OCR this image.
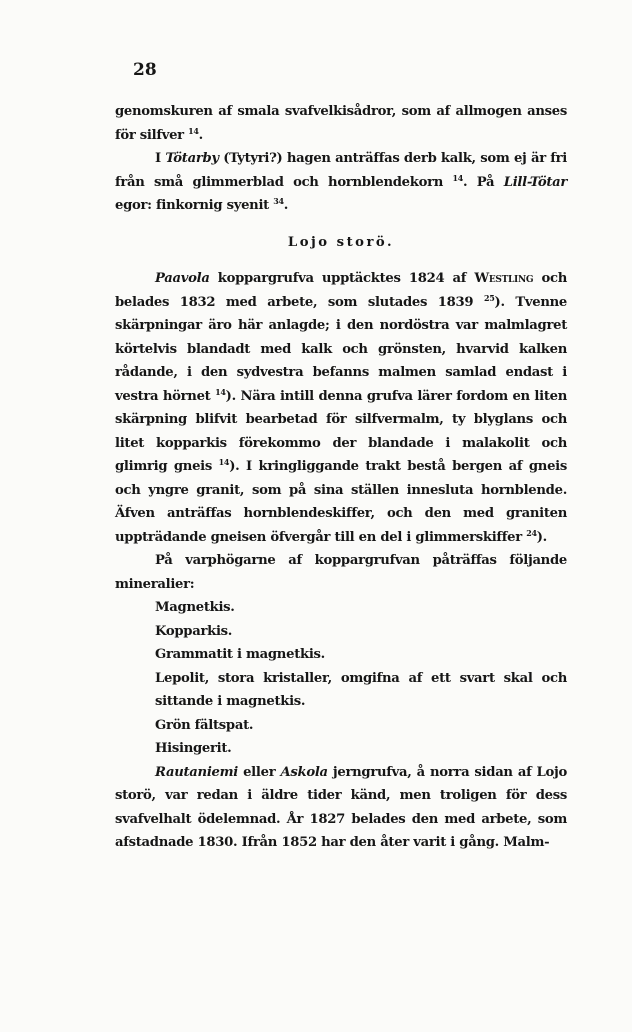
28

genomskuren af smala svafvelkisådror, som af allmogen anses för silfver $^{14}$.

I Tötarby (Tytyri?) hagen anträffas derb kalk, som ej är fri från små glimmerblad och hornblendekorn $^{14}$. På Lill-Tötar egor: finkornig syenit $^{34}$.

Lojo storö.

Paavola koppargrufva upptäcktes 1824 af Westling och belades 1832 med arbete, som slutades 1839 $^{25}$). Tvenne skärpningar äro här anlagde; i den nordöstra var malmlagret körtelvis blandadt med kalk och grönsten, hvarvid kalken rådande, i den sydvestra befanns malmen samlad endast i vestra hörnet $^{14}$). Nära intill denna grufva lärer fordom en liten skärpning blifvit bearbetad för silfvermalm, ty blyglans och litet kopparkis förekommo der blandade i malakolit och glimrig gneis $^{14}$). I kringliggande trakt bestå bergen af gneis och yngre granit, som på sina ställen innesluta hornblende. Äfven anträffas hornblendeskiffer, och den med graniten uppträdande gneisen öfvergår till en del i glimmerskiffer $^{24}$).

På varphögarne af koppargrufvan påträffas följande mineralier:

Magnetkis.

Kopparkis.

Grammatit i magnetkis.

Lepolit, stora kristaller, omgifna af ett svart skal och sittande i magnetkis.

Grön fältspat.

Hisingerit.

Rautaniemi eller Askola jerngrufva, å norra sidan af Lojo storö, var redan i äldre tider känd, men troligen för dess svafvelhalt ödelemnad. År 1827 belades den med arbete, som afstadnade 1830. Ifrån 1852 har den åter varit i gång. Malm-
